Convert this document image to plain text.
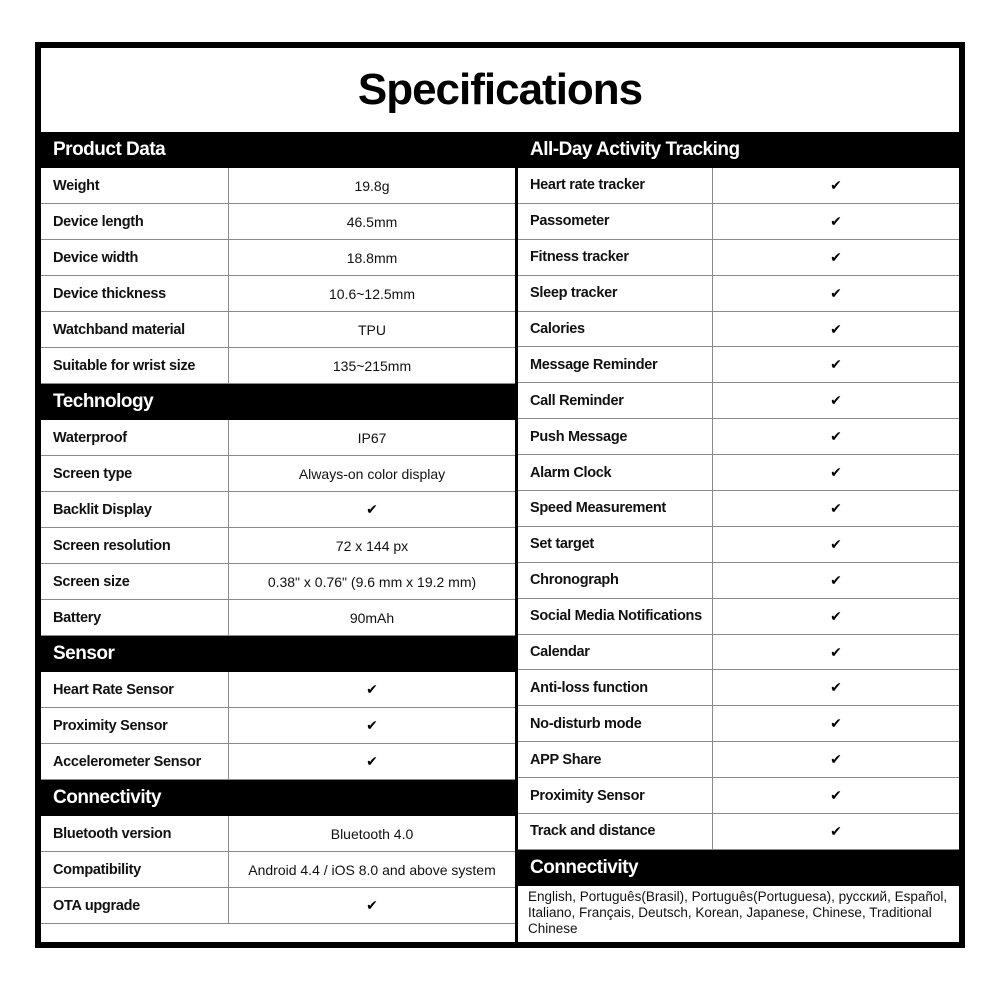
Specifications
Product Data
Weight	19.8g
Device length	46.5mm
Device width	18.8mm
Device thickness	10.6~12.5mm
Watchband material	TPU
Suitable for wrist size	135~215mm
Technology
Waterproof	IP67
Screen type	Always-on color display
Backlit Display	✔
Screen resolution	72 x 144 px
Screen size	0.38" x 0.76" (9.6 mm x 19.2 mm)
Battery	90mAh
Sensor
Heart Rate Sensor	✔
Proximity Sensor	✔
Accelerometer Sensor	✔
Connectivity
Bluetooth version	Bluetooth 4.0
Compatibility	Android 4.4 / iOS 8.0 and above system
OTA upgrade	✔
All-Day Activity Tracking
Heart rate tracker	✔
Passometer	✔
Fitness tracker	✔
Sleep tracker	✔
Calories	✔
Message Reminder	✔
Call Reminder	✔
Push Message	✔
Alarm Clock	✔
Speed Measurement	✔
Set target	✔
Chronograph	✔
Social Media Notifications	✔
Calendar	✔
Anti-loss function	✔
No-disturb mode	✔
APP Share	✔
Proximity Sensor	✔
Track and distance	✔
Connectivity
English, Português(Brasil), Português(Portuguesa), русский, Español, Italiano, Français, Deutsch, Korean, Japanese, Chinese, Traditional Chinese
